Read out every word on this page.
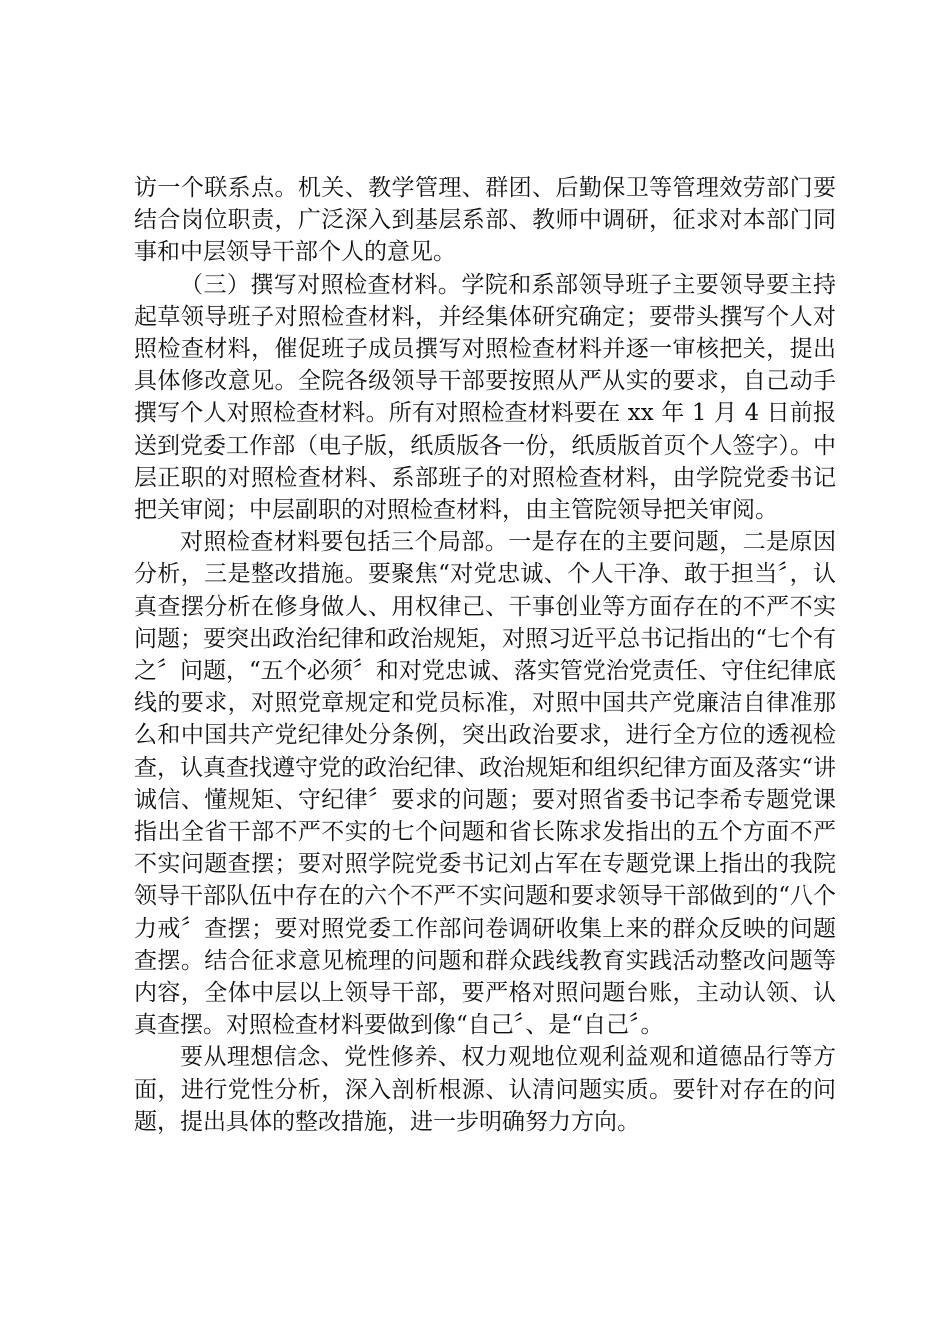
访一个联系点。机关、教学管理、群团、后勤保卫等管理效劳部门要结合岗位职责，广泛深入到基层系部、教师中调研，征求对本部门同事和中层领导干部个人的意见。

（三）撰写对照检查材料。学院和系部领导班子主要领导要主持起草领导班子对照检查材料，并经集体研究确定；要带头撰写个人对照检查材料，催促班子成员撰写对照检查材料并逐一审核把关，提出具体修改意见。全院各级领导干部要按照从严从实的要求，自己动手撰写个人对照检查材料。所有对照检查材料要在 xx 年 1 月 4 日前报送到党委工作部（电子版，纸质版各一份，纸质版首页个人签字）。中层正职的对照检查材料、系部班子的对照检查材料，由学院党委书记把关审阅；中层副职的对照检查材料，由主管院领导把关审阅。

对照检查材料要包括三个局部。一是存在的主要问题，二是原因分析，三是整改措施。要聚焦“对党忠诚、个人干净、敢于担当〞，认真查摆分析在修身做人、用权律己、干事创业等方面存在的不严不实问题；要突出政治纪律和政治规矩，对照习近平总书记指出的“七个有之〞问题，“五个必须〞和对党忠诚、落实管党治党责任、守住纪律底线的要求，对照党章规定和党员标准，对照中国共产党廉洁自律准那么和中国共产党纪律处分条例，突出政治要求，进行全方位的透视检查，认真查找遵守党的政治纪律、政治规矩和组织纪律方面及落实“讲诚信、懂规矩、守纪律〞要求的问题；要对照省委书记李希专题党课指出全省干部不严不实的七个问题和省长陈求发指出的五个方面不严不实问题查摆；要对照学院党委书记刘占军在专题党课上指出的我院领导干部队伍中存在的六个不严不实问题和要求领导干部做到的“八个力戒〞查摆；要对照党委工作部问卷调研收集上来的群众反映的问题查摆。结合征求意见梳理的问题和群众践线教育实践活动整改问题等内容，全体中层以上领导干部，要严格对照问题台账，主动认领、认真查摆。对照检查材料要做到像“自己〞、是“自己〞。

要从理想信念、党性修养、权力观地位观利益观和道德品行等方面，进行党性分析，深入剖析根源、认清问题实质。要针对存在的问题，提出具体的整改措施，进一步明确努力方向。
